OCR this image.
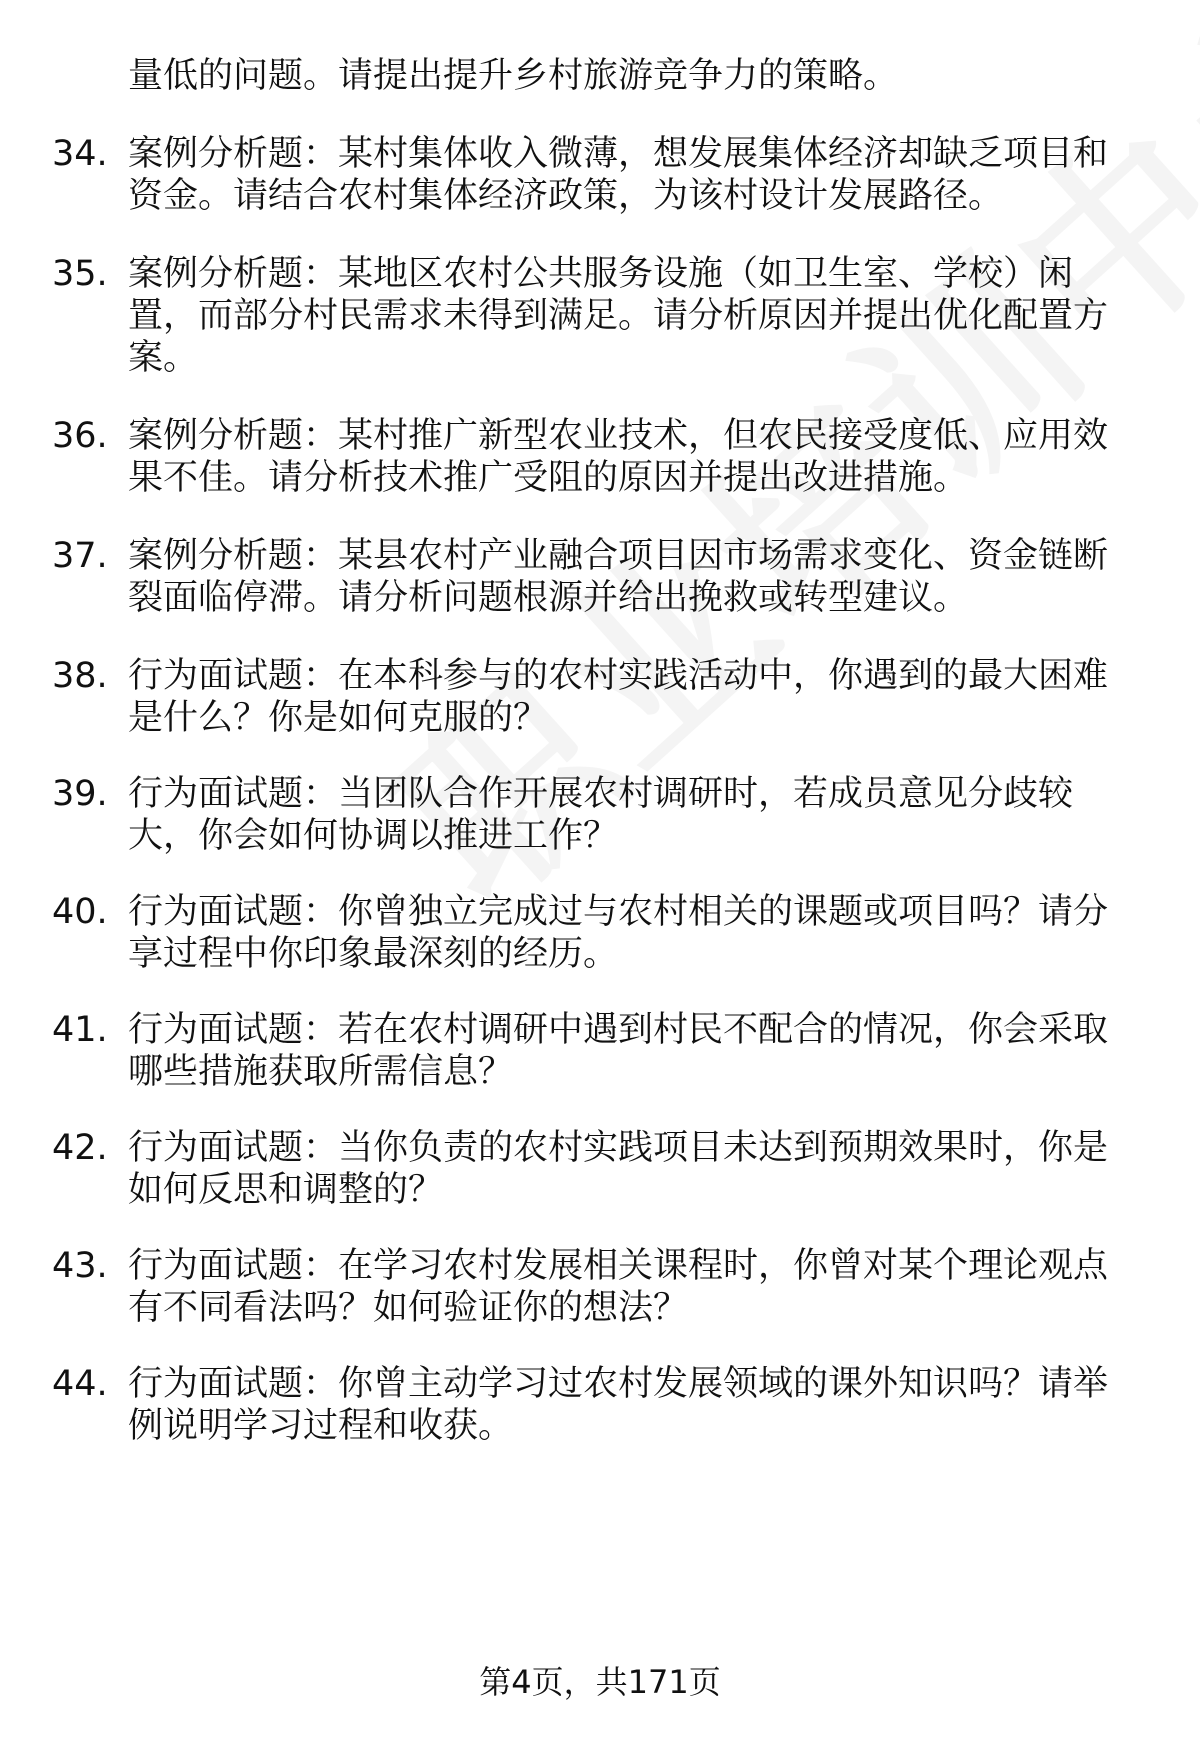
量低的问题。请提出提升乡村旅游竞争力的策略。
34. 案例分析题：某村集体收入微薄，想发展集体经济却缺乏项目和
资金。请结合农村集体经济政策，为该村设计发展路径。
35. 案例分析题：某地区农村公共服务设施（如卫生室、学校）闲
置，而部分村民需求未得到满足。请分析原因并提出优化配置方
案。
36. 案例分析题：某村推广新型农业技术，但农民接受度低、应用效
果不佳。请分析技术推广受阻的原因并提出改进措施。
37. 案例分析题：某县农村产业融合项目因市场需求变化、资金链断
裂面临停滞。请分析问题根源并给出挽救或转型建议。
38. 行为面试题：在本科参与的农村实践活动中，你遇到的最大困难
是什么？你是如何克服的？
39. 行为面试题：当团队合作开展农村调研时，若成员意见分歧较
大，你会如何协调以推进工作？
40. 行为面试题：你曾独立完成过与农村相关的课题或项目吗？请分
享过程中你印象最深刻的经历。
41. 行为面试题：若在农村调研中遇到村民不配合的情况，你会采取
哪些措施获取所需信息？
42. 行为面试题：当你负责的农村实践项目未达到预期效果时，你是
如何反思和调整的？
43. 行为面试题：在学习农村发展相关课程时，你曾对某个理论观点
有不同看法吗？如何验证你的想法？
44. 行为面试题：你曾主动学习过农村发展领域的课外知识吗？请举
例说明学习过程和收获。
第4页，共171页
